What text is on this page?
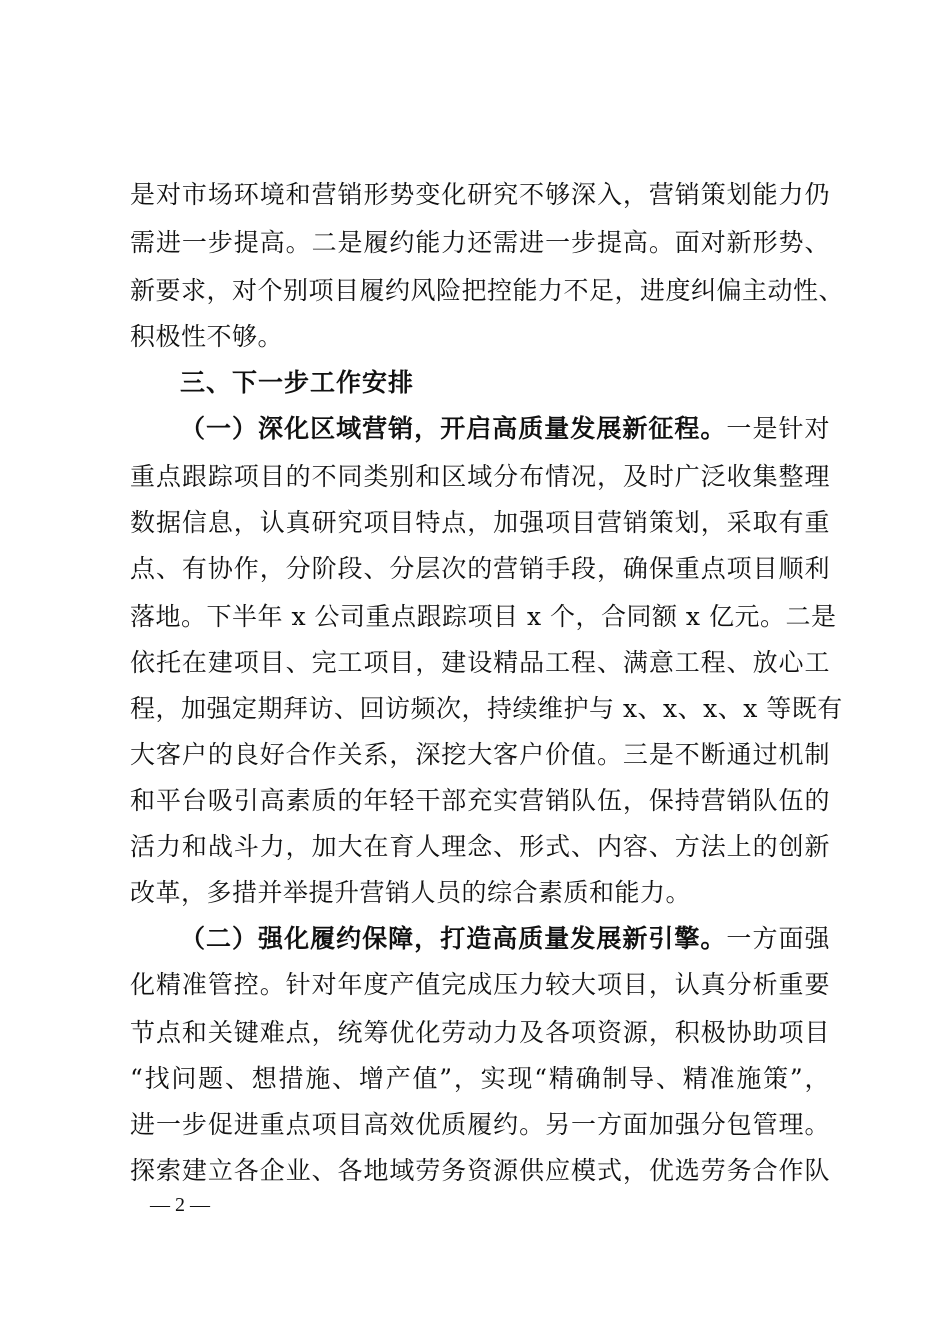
是对市场环境和营销形势变化研究不够深入，营销策划能力仍
需进一步提高。二是履约能力还需进一步提高。面对新形势、
新要求，对个别项目履约风险把控能力不足，进度纠偏主动性、
积极性不够。
三、下一步工作安排
（一）深化区域营销，开启高质量发展新征程。一是针对
重点跟踪项目的不同类别和区域分布情况，及时广泛收集整理
数据信息，认真研究项目特点，加强项目营销策划，采取有重
点、有协作，分阶段、分层次的营销手段，确保重点项目顺利
落地。下半年 x 公司重点跟踪项目 x 个，合同额 x 亿元。二是
依托在建项目、完工项目，建设精品工程、满意工程、放心工
程，加强定期拜访、回访频次，持续维护与 x、x、x、x 等既有
大客户的良好合作关系，深挖大客户价值。三是不断通过机制
和平台吸引高素质的年轻干部充实营销队伍，保持营销队伍的
活力和战斗力，加大在育人理念、形式、内容、方法上的创新
改革，多措并举提升营销人员的综合素质和能力。
（二）强化履约保障，打造高质量发展新引擎。一方面强
化精准管控。针对年度产值完成压力较大项目，认真分析重要
节点和关键难点，统筹优化劳动力及各项资源，积极协助项目
“找问题、想措施、增产值”，实现“精确制导、精准施策”，
进一步促进重点项目高效优质履约。另一方面加强分包管理。
探索建立各企业、各地域劳务资源供应模式，优选劳务合作队
— 2 —
